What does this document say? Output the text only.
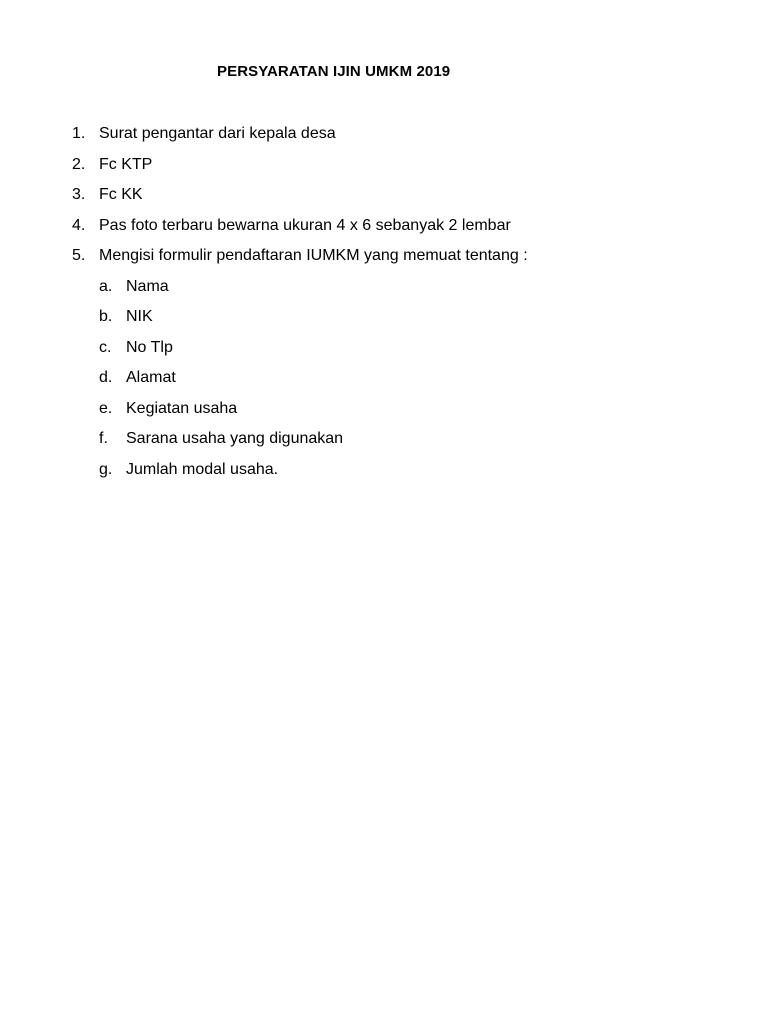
PERSYARATAN IJIN UMKM 2019
1. Surat pengantar dari kepala desa
2. Fc KTP
3. Fc KK
4. Pas foto terbaru bewarna ukuran 4 x 6 sebanyak 2 lembar
5. Mengisi formulir pendaftaran IUMKM yang memuat tentang :
a. Nama
b. NIK
c. No Tlp
d. Alamat
e. Kegiatan usaha
f. Sarana usaha yang digunakan
g. Jumlah modal usaha.
